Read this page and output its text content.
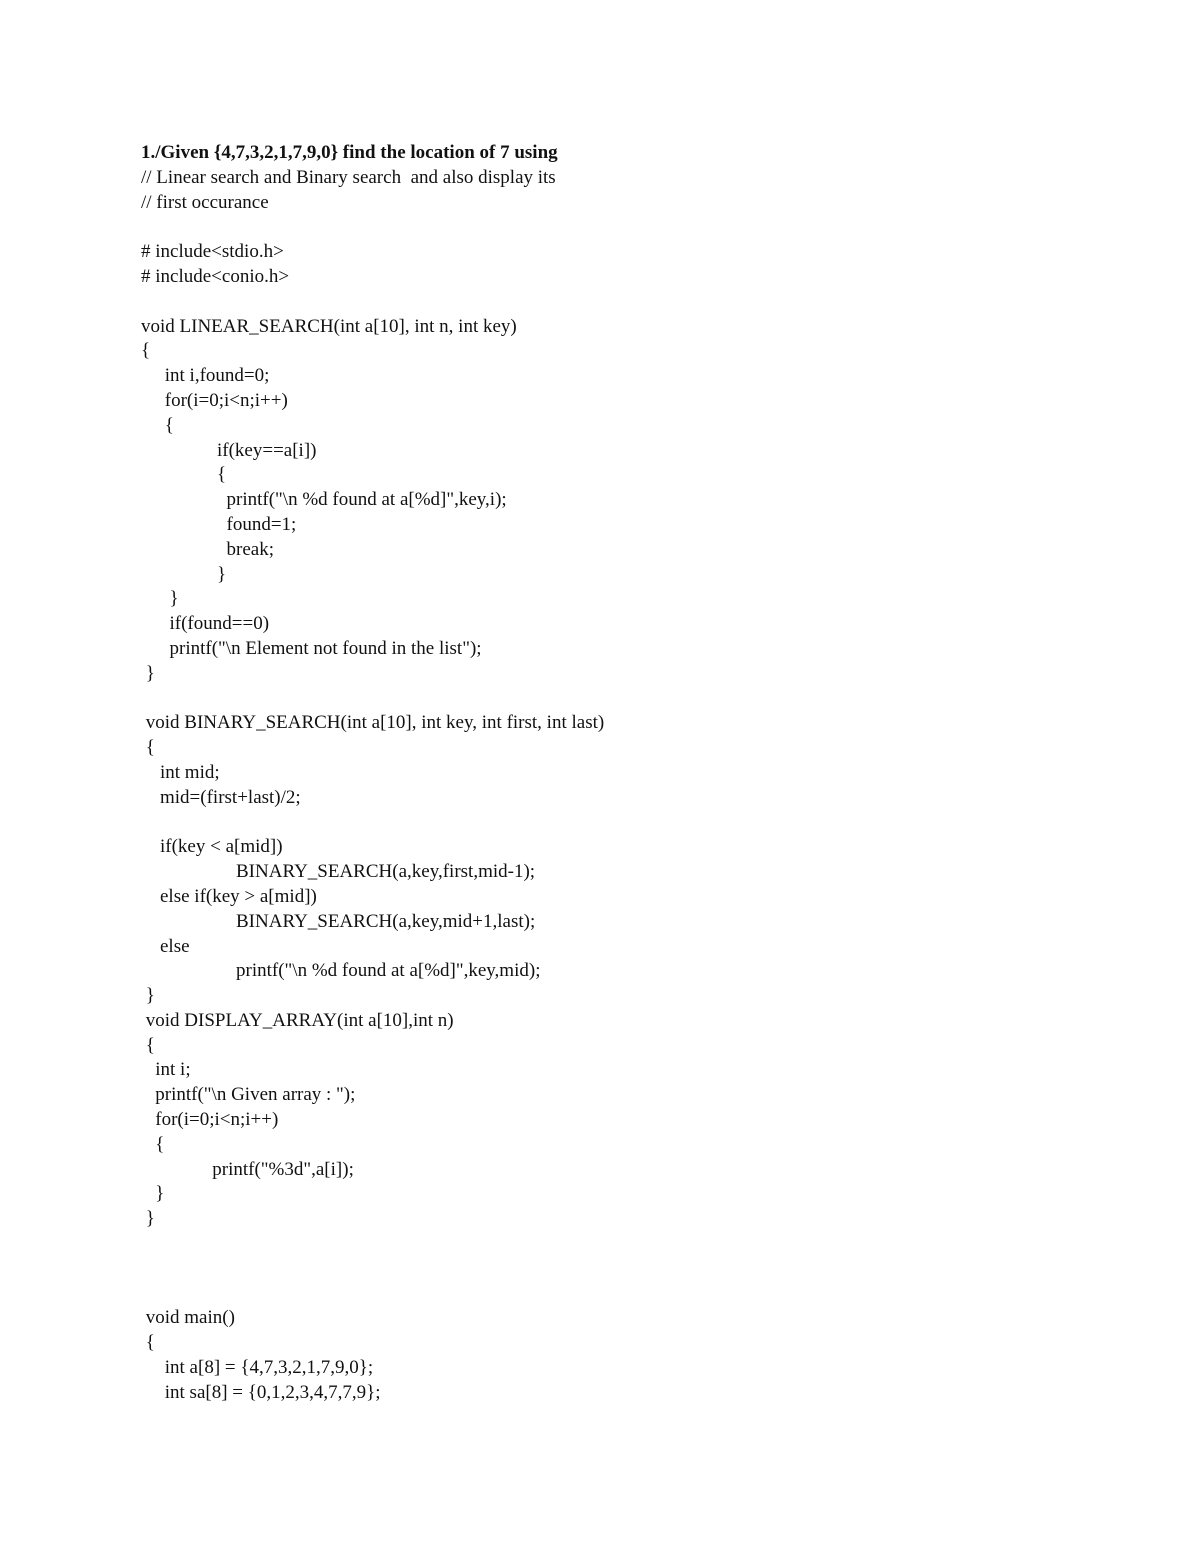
1./Given {4,7,3,2,1,7,9,0} find the location of 7 using
// Linear search and Binary search  and also display its
// first occurance
# include<stdio.h>
# include<conio.h>
void LINEAR_SEARCH(int a[10], int n, int key)
{
int i,found=0;
for(i=0;i<n;i++)
{
if(key==a[i])
{
printf("\n %d found at a[%d]",key,i);
found=1;
break;
}
}
if(found==0)
printf("\n Element not found in the list");
}
void BINARY_SEARCH(int a[10], int key, int first, int last)
{
int mid;
mid=(first+last)/2;
if(key < a[mid])
BINARY_SEARCH(a,key,first,mid-1);
else if(key > a[mid])
BINARY_SEARCH(a,key,mid+1,last);
else
printf("\n %d found at a[%d]",key,mid);
}
void DISPLAY_ARRAY(int a[10],int n)
{
int i;
printf("\n Given array : ");
for(i=0;i<n;i++)
{
printf("%3d",a[i]);
}
}
void main()
{
int a[8] = {4,7,3,2,1,7,9,0};
int sa[8] = {0,1,2,3,4,7,7,9};
